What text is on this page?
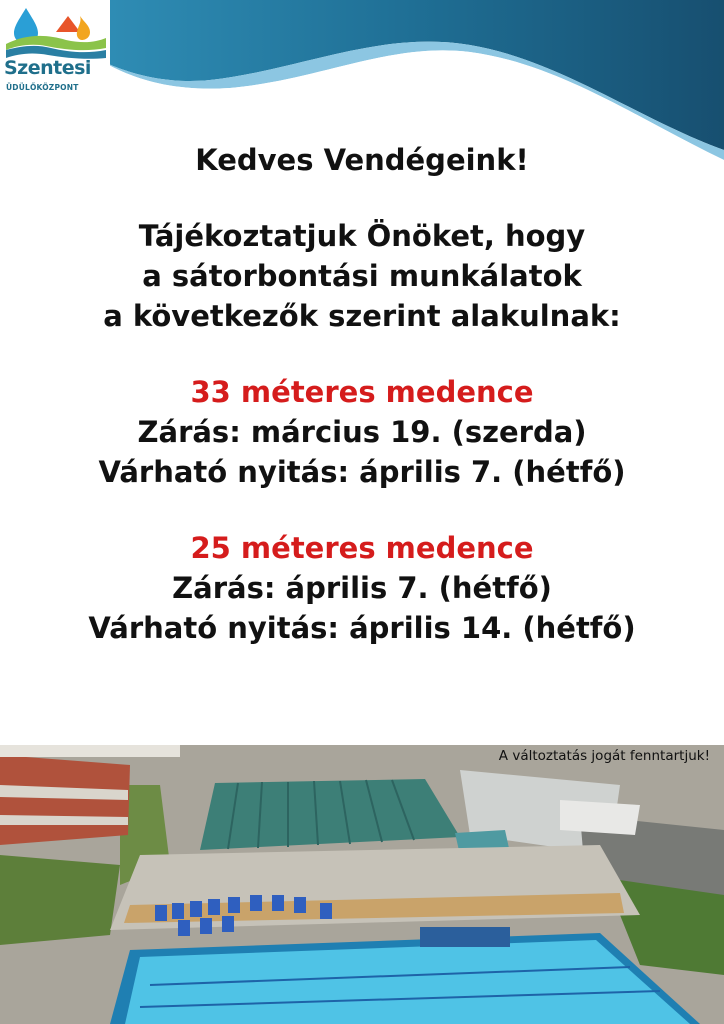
Szentesi
ÜDÜLŐKÖZPONT
Kedves Vendégeink!
Tájékoztatjuk Önöket, hogy
a sátorbontási munkálatok
a következők szerint alakulnak:
33 méteres medence
Zárás: március 19. (szerda)
Várható nyitás: április 7. (hétfő)
25 méteres medence
Zárás: április 7. (hétfő)
Várható nyitás: április 14. (hétfő)
A változtatás jogát fenntartjuk!
